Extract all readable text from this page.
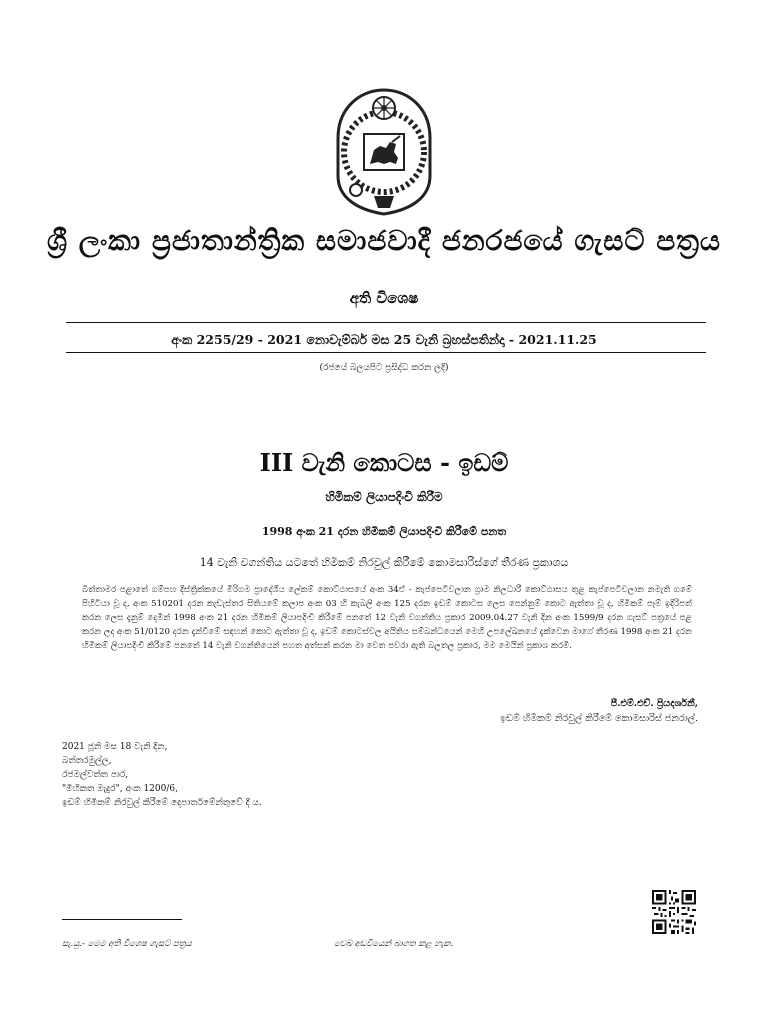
ශ්‍රී ලංකා ප්‍රජාතාන්ත්‍රික සමාජවාදී ජනරජයේ ගැසට් පත්‍රය
අති විශෙෂ
අංක 2255/29 - 2021 නොවැම්බර් මස 25 වැනි බ්‍රහස්පතින්දා - 2021.11.25
(රජයේ බලයපිට ප්‍රසිද්ධ කරන ලදි)
III වැනි කොටස - ඉඩම්
හිමිකම් ලියාපදිංචි කිරීම
1998 අංක 21 දරන හිමිකම් ලියාපදිංචි කිරීමේ පනත
14 වැනි වගන්තිය යටතේ හිමිකම් නිරවුල් කිරීමේ කොමසාරිස්ගේ තීරණ ප්‍රකාශය
බිත්තාමර පළාතේ ගම්පහ දිස්ත්‍රික්කයේ මීරිගම ප්‍රාදේශීය ලේකම් කොට්ඨාසයේ අංක 34ඒ - කැප්පෙටිවලාන ග්‍රාම නිලධාරී කොට්ඨාසය තුළ කැප්පෙටිවලාන නමැති ගමේ පිහිටියා වූ ද, අංක 510201 දරන කැඩැස්තර සිතියමේ කලාප අංක 03 හි කැබලි අංක 125 දරන ඉඩම් කොටස ලෙස පෙන්නුම් කොට ඇත්තා වූ ද, හිමිකම් පෑම් ඉදිරිපත් කරන ලෙස දැනුම් දෙමින් 1998 අංක 21 දරන හිමිකම් ලියාපදිංචි කිරීමේ පනතේ 12 වැනි වගන්තිය ප්‍රකාර 2009.04.27 වැනි දින අංක 1599/9 දරන ගැසට් පත්‍රයේ පළ කරන ලද අංක 51/0120 දරන දැන්වීමේ සඳහන් කොට ඇත්තා වූ ද, ඉඩම් කොටස්වල අයිතිය සම්බන්ධයෙන් මෙහි උපලේඛනයේ දැක්වෙන මාගේ තීරණ 1998 අංක 21 දරන හිමිකම් ලියාපදිංචි කිරීමේ පනතේ 14 වැනි වගන්තියෙන් පහත අත්සන් කරන මා වෙත පවරා ඇති බලතල ප්‍රකාර, මම මෙයින් ප්‍රකාශ කරමි.
පී.එම්.එච්. ප්‍රියදර්ශනී,
ඉඩම් හිමිකම් නිරවුල් කිරීමේ කොමසාරිස් ජනරාල්.
2021 ජූනි මස 18 වැනි දින,
බත්තරමුල්ල,
රජමල්වත්ත පාර,
"මිහිකත මැදුර", අංක 1200/6,
ඉඩම් හිමිකම් නිරවුල් කිරීමේ දෙපාර්තමේන්තුවේ දී ය.
සැ.යු.- මෙම අති විශෙෂ ගැසට් පත්‍රය	වෙබ් අඩවියෙන් බාගත කළ හැක.
